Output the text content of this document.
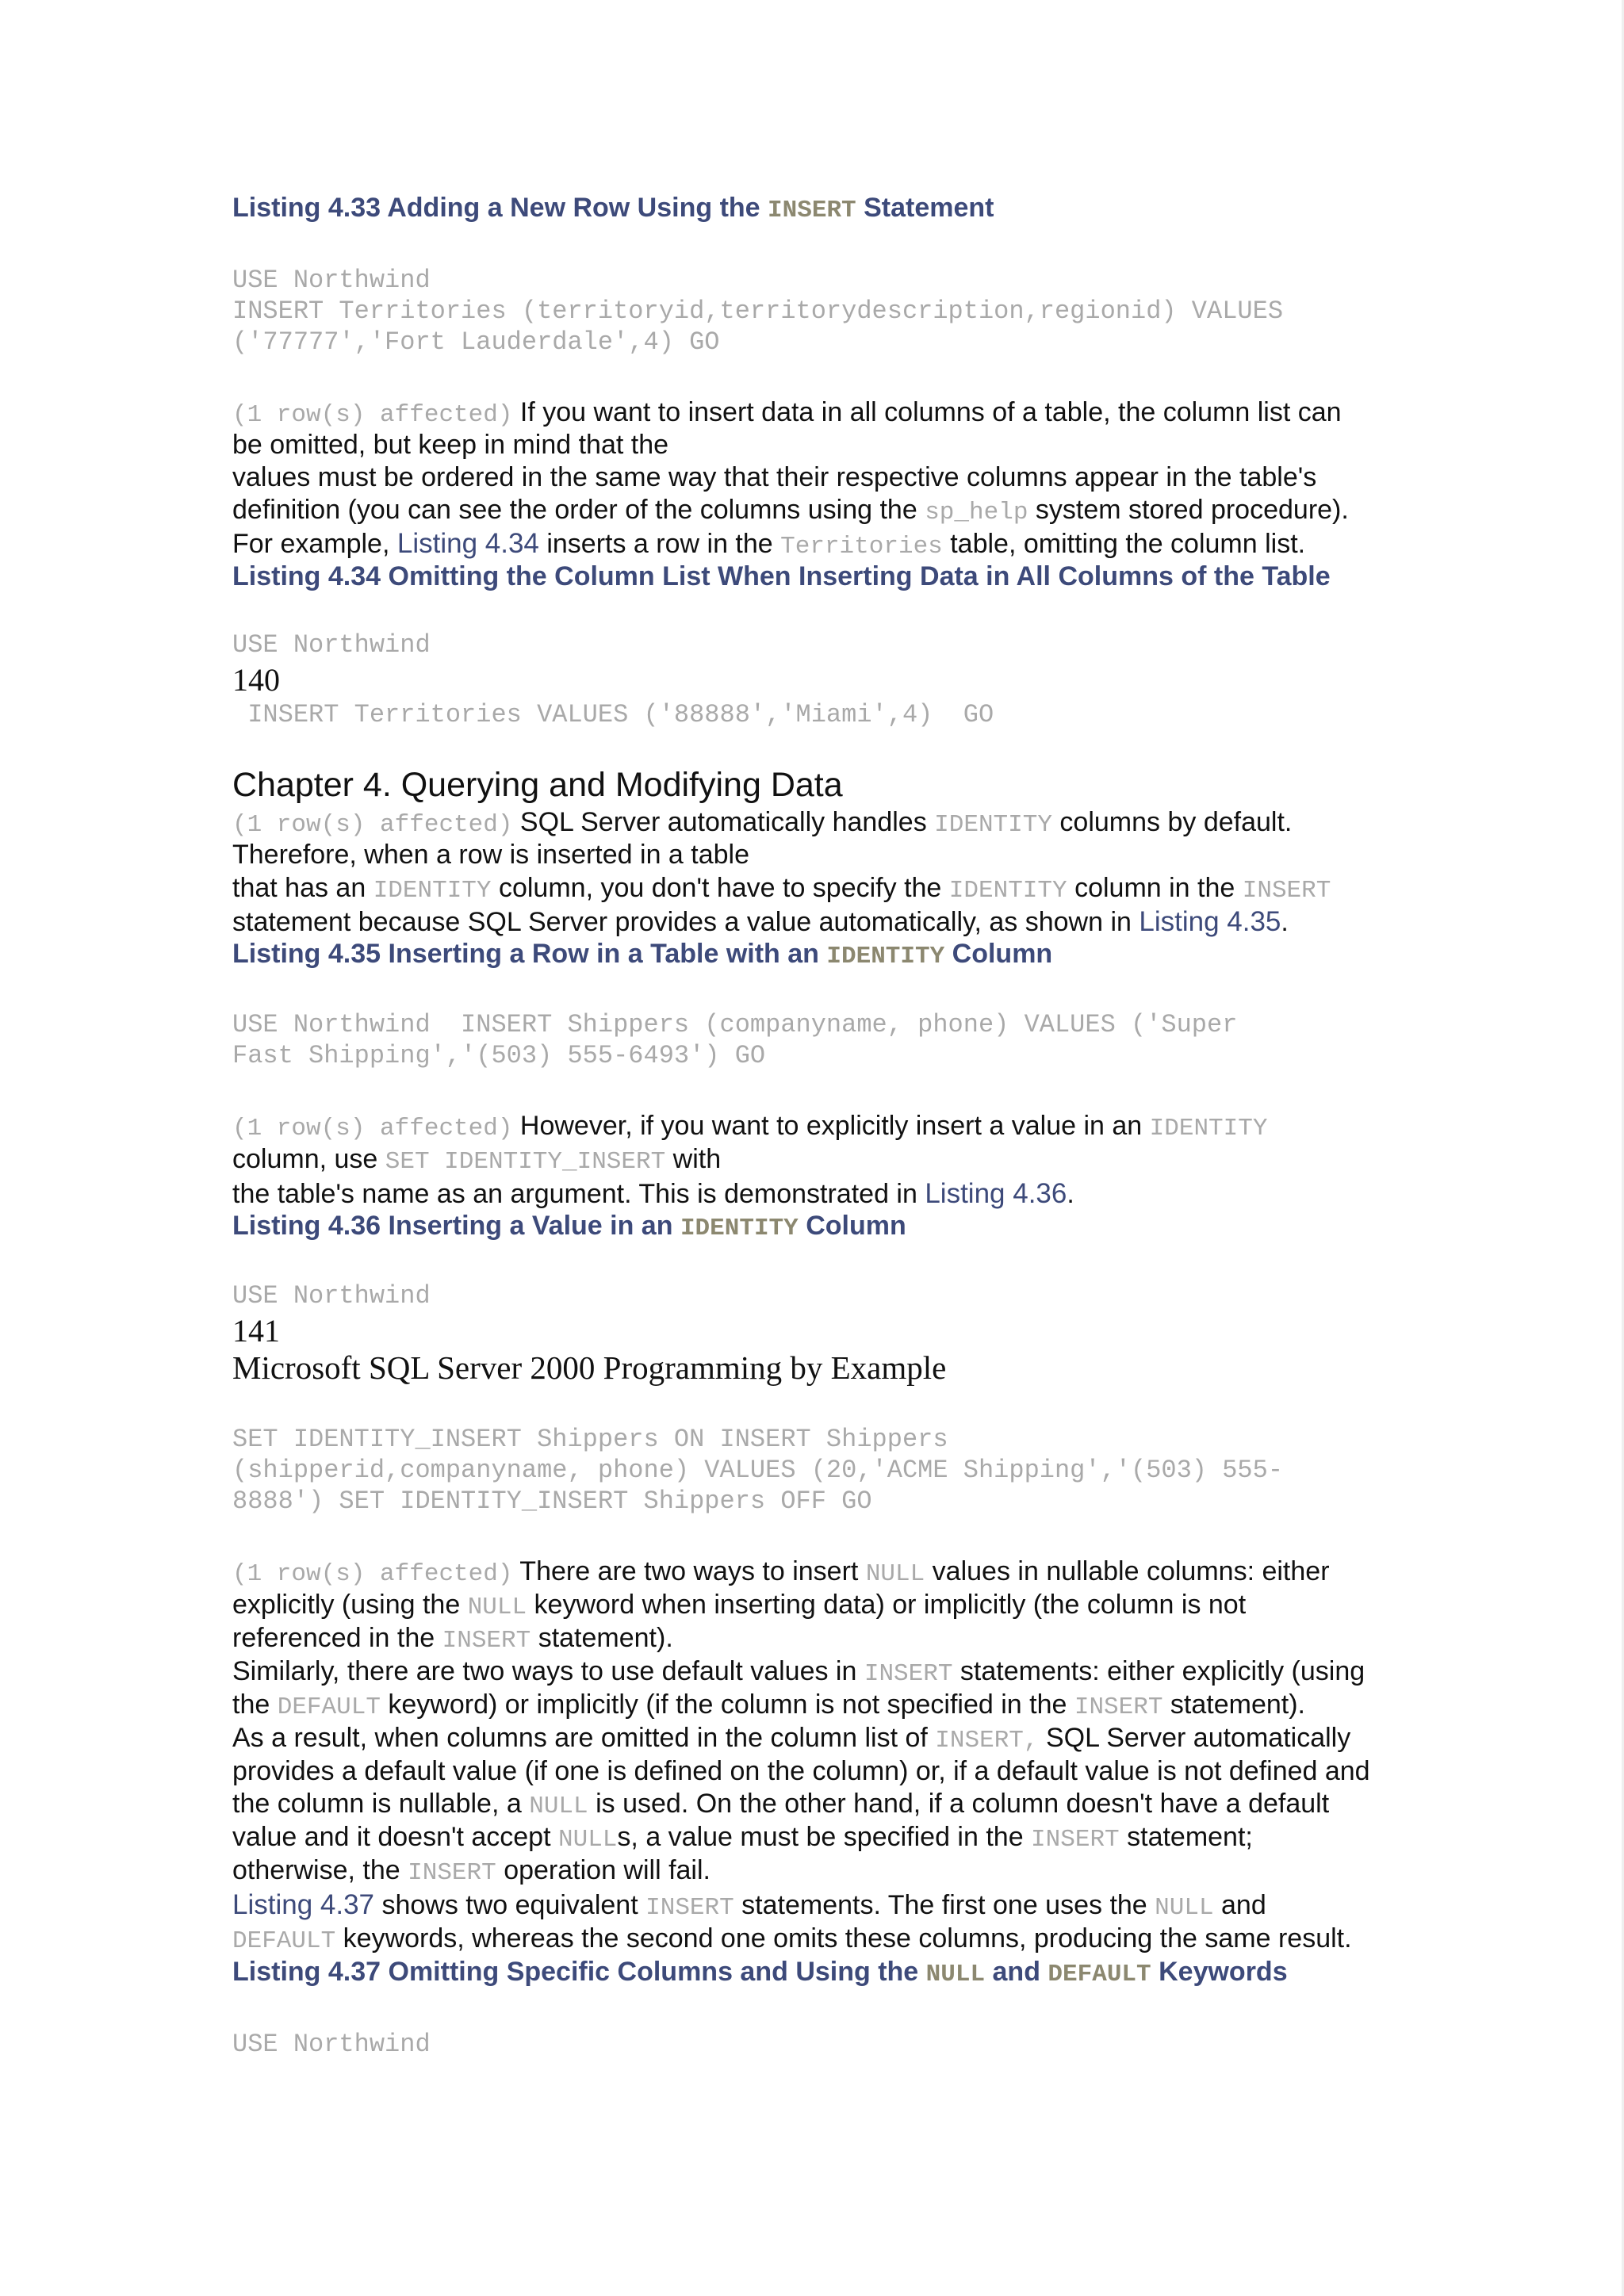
Listing 4.33 Adding a New Row Using the INSERT Statement
USE Northwind
INSERT Territories (territoryid,territorydescription,regionid) VALUES
('77777','Fort Lauderdale',4) GO
(1 row(s) affected) If you want to insert data in all columns of a table, the column list can
be omitted, but keep in mind that the
values must be ordered in the same way that their respective columns appear in the table's
definition (you can see the order of the columns using the sp_help system stored procedure).
For example, Listing 4.34 inserts a row in the Territories table, omitting the column list.
Listing 4.34 Omitting the Column List When Inserting Data in All Columns of the Table
USE Northwind
140
INSERT Territories VALUES ('88888','Miami',4)  GO
Chapter 4. Querying and Modifying Data
(1 row(s) affected) SQL Server automatically handles IDENTITY columns by default.
Therefore, when a row is inserted in a table
that has an IDENTITY column, you don't have to specify the IDENTITY column in the INSERT
statement because SQL Server provides a value automatically, as shown in Listing 4.35.
Listing 4.35 Inserting a Row in a Table with an IDENTITY Column
USE Northwind  INSERT Shippers (companyname, phone) VALUES ('Super
Fast Shipping','(503) 555-6493') GO
(1 row(s) affected) However, if you want to explicitly insert a value in an IDENTITY
column, use SET IDENTITY_INSERT with
the table's name as an argument. This is demonstrated in Listing 4.36.
Listing 4.36 Inserting a Value in an IDENTITY Column
USE Northwind
141
Microsoft SQL Server 2000 Programming by Example
SET IDENTITY_INSERT Shippers ON INSERT Shippers
(shipperid,companyname, phone) VALUES (20,'ACME Shipping','(503) 555-
8888') SET IDENTITY_INSERT Shippers OFF GO
(1 row(s) affected) There are two ways to insert NULL values in nullable columns: either
explicitly (using the NULL keyword when inserting data) or implicitly (the column is not
referenced in the INSERT statement).
Similarly, there are two ways to use default values in INSERT statements: either explicitly (using
the DEFAULT keyword) or implicitly (if the column is not specified in the INSERT statement).
As a result, when columns are omitted in the column list of INSERT, SQL Server automatically
provides a default value (if one is defined on the column) or, if a default value is not defined and
the column is nullable, a NULL is used. On the other hand, if a column doesn't have a default
value and it doesn't accept NULLs, a value must be specified in the INSERT statement;
otherwise, the INSERT operation will fail.
Listing 4.37 shows two equivalent INSERT statements. The first one uses the NULL and
DEFAULT keywords, whereas the second one omits these columns, producing the same result.
Listing 4.37 Omitting Specific Columns and Using the NULL and DEFAULT Keywords
USE Northwind
